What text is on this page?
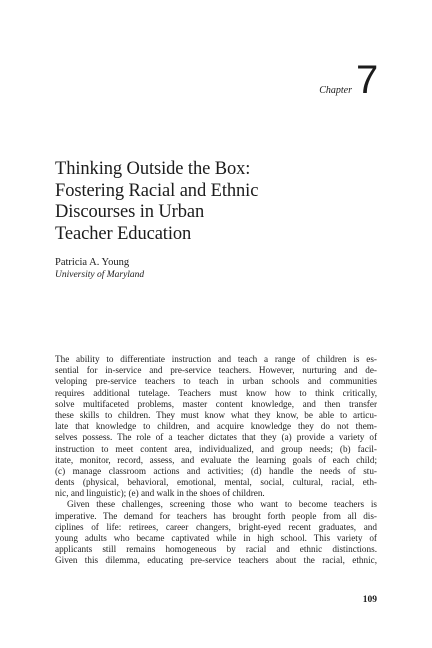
Chapter 7
Thinking Outside the Box:
Fostering Racial and Ethnic
Discourses in Urban
Teacher Education
Patricia A. Young
University of Maryland
The ability to differentiate instruction and teach a range of children is es-
sential for in-service and pre-service teachers. However, nurturing and de-
veloping pre-service teachers to teach in urban schools and communities
requires additional tutelage. Teachers must know how to think critically,
solve multifaceted problems, master content knowledge, and then transfer
these skills to children. They must know what they know, be able to articu-
late that knowledge to children, and acquire knowledge they do not them-
selves possess. The role of a teacher dictates that they (a) provide a variety of
instruction to meet content area, individualized, and group needs; (b) facil-
itate, monitor, record, assess, and evaluate the learning goals of each child;
(c) manage classroom actions and activities; (d) handle the needs of stu-
dents (physical, behavioral, emotional, mental, social, cultural, racial, eth-
nic, and linguistic); (e) and walk in the shoes of children.
Given these challenges, screening those who want to become teachers is
imperative. The demand for teachers has brought forth people from all dis-
ciplines of life: retirees, career changers, bright-eyed recent graduates, and
young adults who became captivated while in high school. This variety of
applicants still remains homogeneous by racial and ethnic distinctions.
Given this dilemma, educating pre-service teachers about the racial, ethnic,
109
